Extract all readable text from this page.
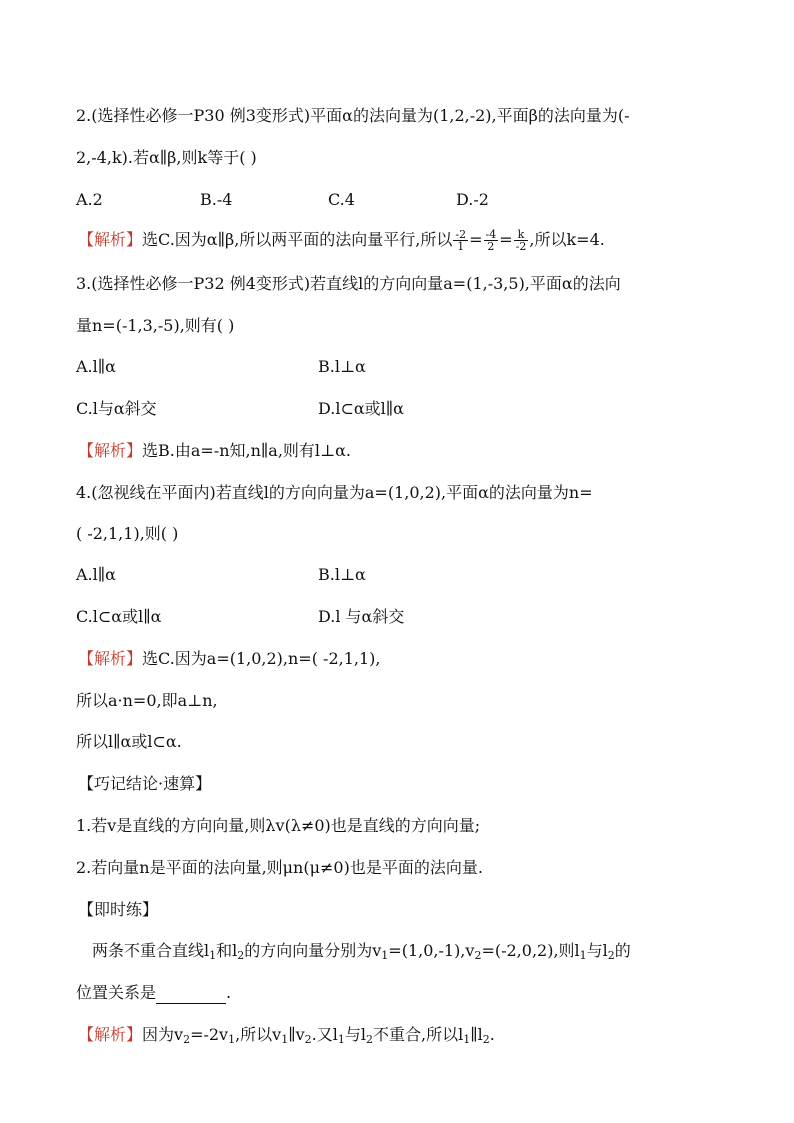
2.(选择性必修一P30 例3变形式)平面α的法向量为(1,2,-2),平面β的法向量为(-
2,-4,k).若α∥β,则k等于( )
A.2	B.-4	C.4	D.-2
【解析】选C.因为α∥β,所以两平面的法向量平行,所以 $\frac{-2}{1} = \frac{-4}{2} = \frac{k}{-2}$ ,所以k=4.
3.(选择性必修一P32 例4变形式)若直线l的方向向量a=(1,-3,5),平面α的法向
量n=(-1,3,-5),则有( )
A.l∥α	B.l⊥α
C.l与α斜交	D.l⊂α或l∥α
【解析】选B.由a=-n知,n∥a,则有l⊥α.
4.(忽视线在平面内)若直线l的方向向量为a=(1,0,2),平面α的法向量为n=
( -2,1,1),则( )
A.l∥α	B.l⊥α
C.l⊂α或l∥α	D.l 与α斜交
【解析】选C.因为a=(1,0,2),n=( -2,1,1),
所以a·n=0,即a⊥n,
所以l∥α或l⊂α.
【巧记结论·速算】
1.若v是直线的方向向量,则λv(λ≠0)也是直线的方向向量;
2.若向量n是平面的法向量,则μn(μ≠0)也是平面的法向量.
【即时练】
两条不重合直线$l_1$和$l_2$的方向向量分别为$v_1=(1,0,-1),v_2=(-2,0,2)$,则$l_1$与$l_2$的
位置关系是	.
【解析】因为$v_2=-2v_1$,所以$v_1\parallel v_2$.又$l_1$与$l_2$不重合,所以$l_1\parallel l_2$.
